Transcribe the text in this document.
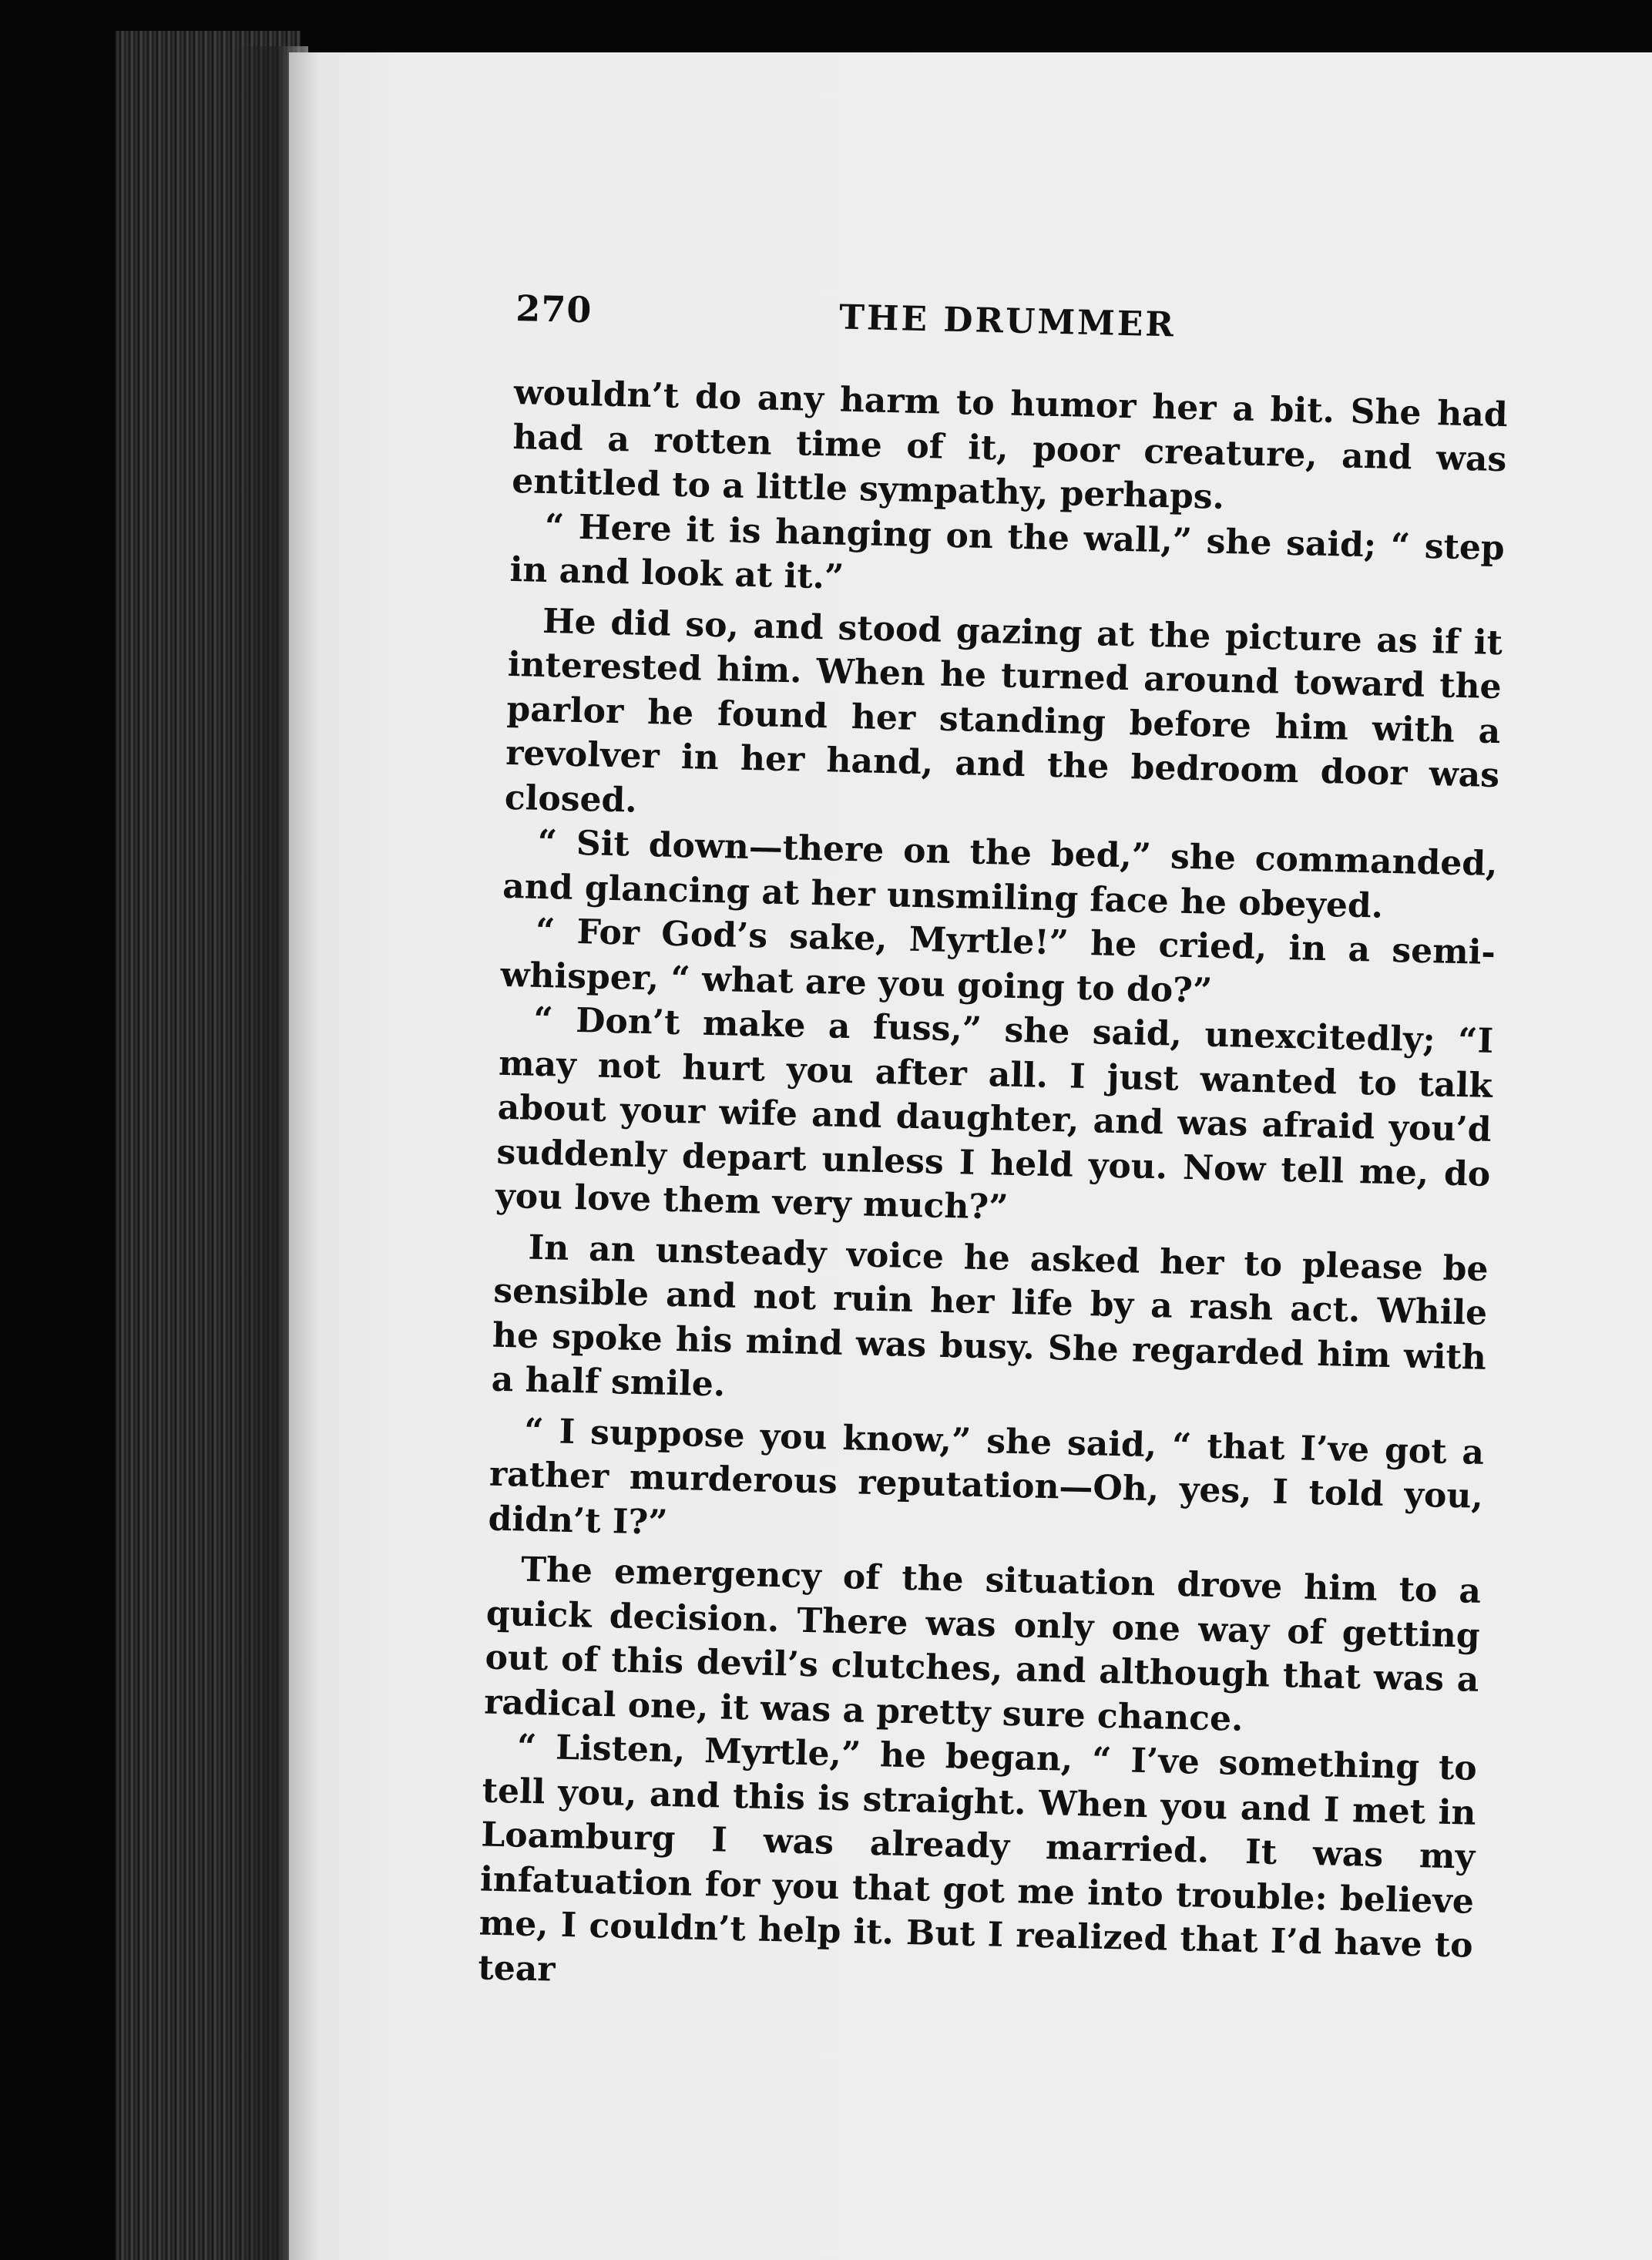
270	THE DRUMMER

wouldn’t do any harm to humor her a bit. She had had a rotten time of it, poor creature, and was entitled to a little sympathy, perhaps.

“ Here it is hanging on the wall,” she said; “ step in and look at it.”

He did so, and stood gazing at the picture as if it interested him. When he turned around toward the parlor he found her standing before him with a revolver in her hand, and the bedroom door was closed.

“ Sit down—there on the bed,” she commanded, and glancing at her unsmiling face he obeyed.

“ For God’s sake, Myrtle!” he cried, in a semi-whisper, “ what are you going to do?”

“ Don’t make a fuss,” she said, unexcitedly; “I may not hurt you after all. I just wanted to talk about your wife and daughter, and was afraid you’d suddenly depart unless I held you. Now tell me, do you love them very much?”

In an unsteady voice he asked her to please be sensible and not ruin her life by a rash act. While he spoke his mind was busy. She regarded him with a half smile.

“ I suppose you know,” she said, “ that I’ve got a rather murderous reputation—Oh, yes, I told you, didn’t I?”

The emergency of the situation drove him to a quick decision. There was only one way of getting out of this devil’s clutches, and although that was a radical one, it was a pretty sure chance.

“ Listen, Myrtle,” he began, “ I’ve something to tell you, and this is straight. When you and I met in Loamburg I was already married. It was my infatuation for you that got me into trouble: believe me, I couldn’t help it. But I realized that I’d have to tear
